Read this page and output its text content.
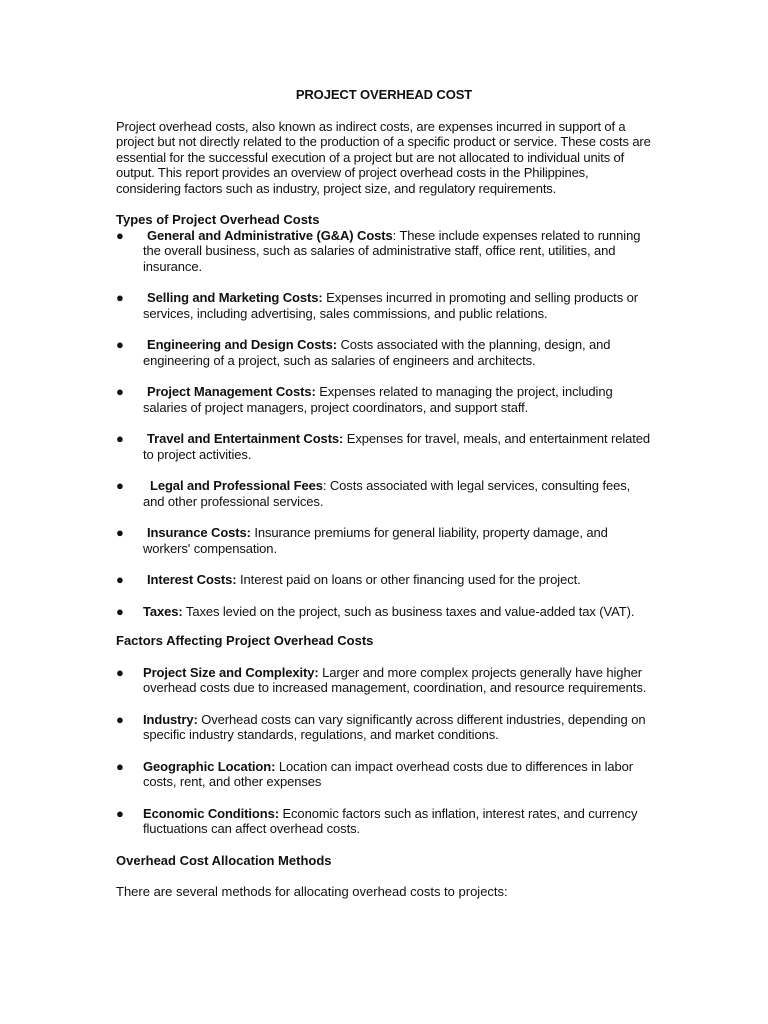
PROJECT OVERHEAD COST

Project overhead costs, also known as indirect costs, are expenses incurred in support of a project but not directly related to the production of a specific product or service. These costs are essential for the successful execution of a project but are not allocated to individual units of output. This report provides an overview of project overhead costs in the Philippines, considering factors such as industry, project size, and regulatory requirements.

Types of Project Overhead Costs

● General and Administrative (G&A) Costs: These include expenses related to running the overall business, such as salaries of administrative staff, office rent, utilities, and insurance.
● Selling and Marketing Costs: Expenses incurred in promoting and selling products or services, including advertising, sales commissions, and public relations.
● Engineering and Design Costs: Costs associated with the planning, design, and engineering of a project, such as salaries of engineers and architects.
● Project Management Costs: Expenses related to managing the project, including salaries of project managers, project coordinators, and support staff.
● Travel and Entertainment Costs: Expenses for travel, meals, and entertainment related to project activities.
● Legal and Professional Fees: Costs associated with legal services, consulting fees, and other professional services.
● Insurance Costs: Insurance premiums for general liability, property damage, and workers' compensation.
● Interest Costs: Interest paid on loans or other financing used for the project.
● Taxes: Taxes levied on the project, such as business taxes and value-added tax (VAT).

Factors Affecting Project Overhead Costs

● Project Size and Complexity: Larger and more complex projects generally have higher overhead costs due to increased management, coordination, and resource requirements.
● Industry: Overhead costs can vary significantly across different industries, depending on specific industry standards, regulations, and market conditions.
● Geographic Location: Location can impact overhead costs due to differences in labor costs, rent, and other expenses
● Economic Conditions: Economic factors such as inflation, interest rates, and currency fluctuations can affect overhead costs.

Overhead Cost Allocation Methods

There are several methods for allocating overhead costs to projects:
